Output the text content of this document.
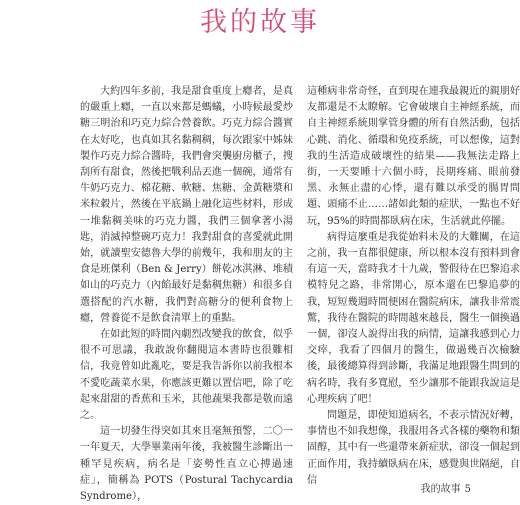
我的故事

大約四年多前，我是甜食重度上癮者，是真的嚴重上癮，一直以來都是螞蟻，小時候最愛炒糖三明治和巧克力綜合營養飲。巧克力綜合醬實在太好吃，也真如其名黏稠稠，每次跟家中姊妹製作巧克力綜合醬時，我們會突襲廚房櫃子，搜刮所有甜食，然後把戰利品丟進一個碗，通常有牛奶巧克力、棉花糖、軟糖、焦糖、金黃糖漿和米粒穀片，然後在平底鍋上融化這些材料，形成一堆黏稠美味的巧克力醬，我們三個拿著小湯匙，消滅掉整碗巧克力！我對甜食的喜愛就此開始，就讀聖安德魯大學的前幾年，我和朋友的主食是班傑利（Ben & Jerry）餅乾冰淇淋、堆積如山的巧克力（內餡最好是黏稠焦糖）和很多自選搭配的汽水糖，我們對高糖分的便利食物上癮，營養從不是飲食清單上的重點。

在如此短的時間內劇烈改變我的飲食，似乎很不可思議，我敢說你翻閱這本書時也很難相信，我竟曾如此亂吃，要是我告訴你以前我根本不愛吃蔬菜水果，你應該更難以置信吧，除了吃起來甜甜的香蕉和玉米，其他蔬果我都是敬而遠之。

這一切發生得突如其來且毫無預警，二〇一一年夏天，大學畢業兩年後，我被醫生診斷出一種罕見疾病，病名是「姿勢性直立心搏過速症」，簡稱為 POTS（Postural Tachycardia Syndrome），

這種病非常奇怪，直到現在連我最親近的親朋好友都還是不太瞭解。它會破壞自主神經系統，而自主神經系統則掌管身體的所有自然活動，包括心跳、消化、循環和免疫系統，可以想像，這對我的生活造成破壞性的結果——我無法走路上街，一天要睡十六個小時，長期疼痛、眼前發黑、永無止盡的心悸，還有難以承受的腸胃問題、頭痛不止……諸如此類的症狀，一點也不好玩，95%的時間都臥病在床，生活就此停擺。

病得這麼重是我從始料未及的大難關，在這之前，我一直都很健康，所以根本沒有預料到會有這一天，當時我才十九歲，警假待在巴黎追求模特兒之路，非常開心，原本還在巴黎追夢的我，短短幾週時間便困在醫院病床，讓我非常震驚，我待在醫院的時間越來越長，醫生一個換過一個，卻沒人說得出我的病情，這讓我感到心力交瘁，我看了四個月的醫生，做過幾百次檢驗後，最後總算得到診斷，我滿足地跟醫生問到的病名時，我有多寬慰，至少讓那不能跟我說這是心理疾病了吧！

問題是，即使知道病名，不表示情況好轉，事情也不如我想像，我服用各式各樣的藥物和類固醇，其中有一些還帶來新症狀，卻沒一個起到正面作用，我持續臥病在床，感覺與世隔絕，自信

我的故事 5
